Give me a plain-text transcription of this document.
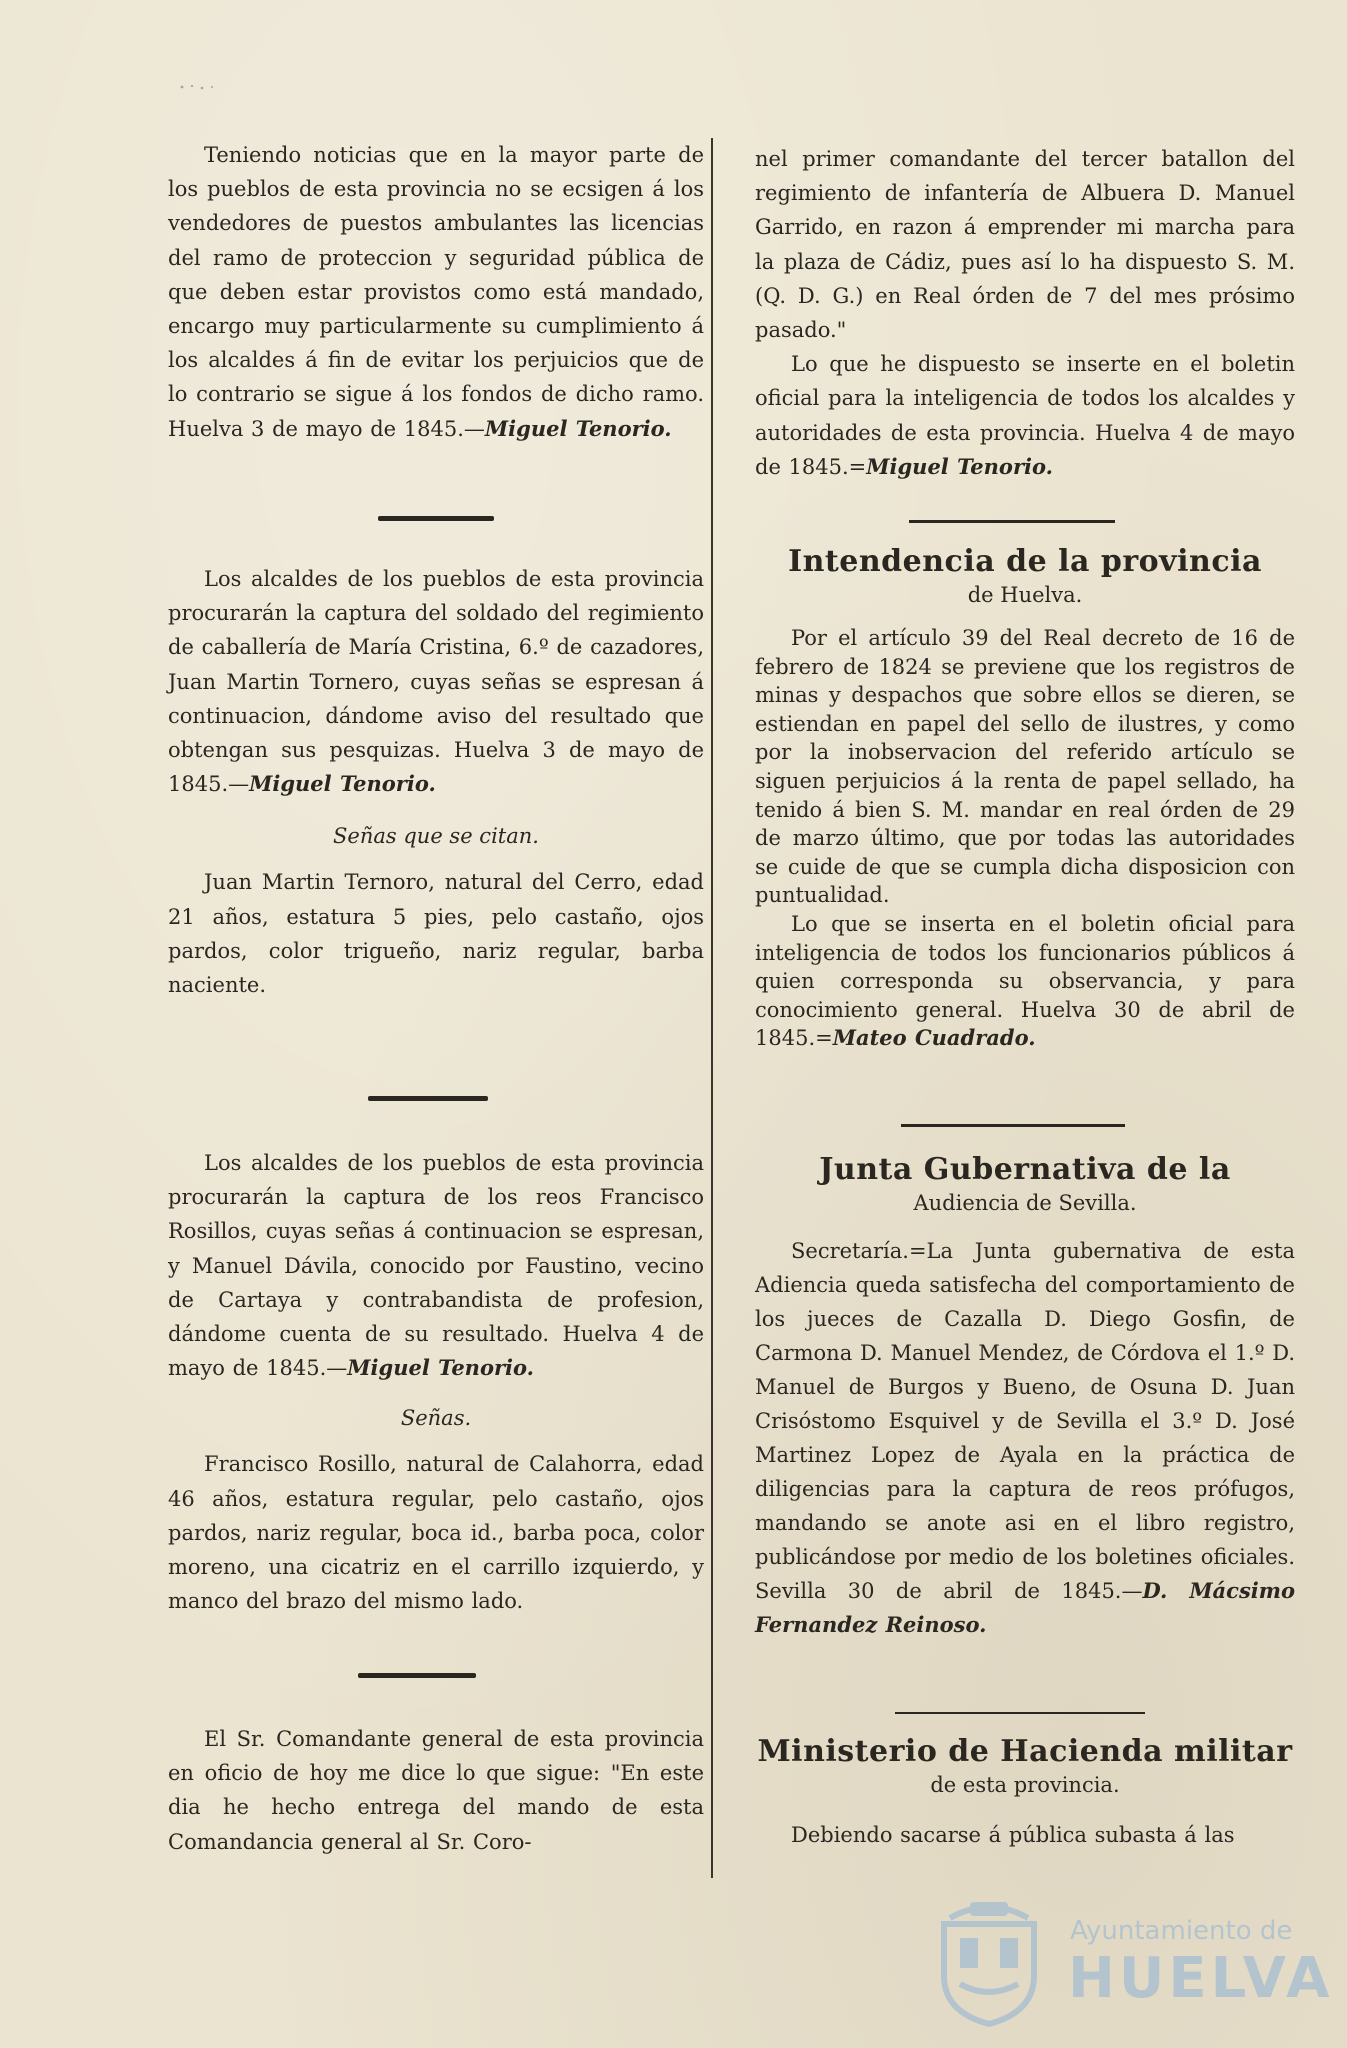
Teniendo noticias que en la mayor parte de los pueblos de esta provincia no se ecsigen á los vendedores de puestos ambulantes las licencias del ramo de proteccion y seguridad pública de que deben estar provistos como está mandado, encargo muy particularmente su cumplimiento á los alcaldes á fin de evitar los perjuicios que de lo contrario se sigue á los fondos de dicho ramo. Huelva 3 de mayo de 1845.—Miguel Tenorio.

Los alcaldes de los pueblos de esta provincia procurarán la captura del soldado del regimiento de caballería de María Cristina, 6.º de cazadores, Juan Martin Tornero, cuyas señas se espresan á continuacion, dándome aviso del resultado que obtengan sus pesquizas. Huelva 3 de mayo de 1845.—Miguel Tenorio.

Señas que se citan.

Juan Martin Ternoro, natural del Cerro, edad 21 años, estatura 5 pies, pelo castaño, ojos pardos, color trigueño, nariz regular, barba naciente.

Los alcaldes de los pueblos de esta provincia procurarán la captura de los reos Francisco Rosillos, cuyas señas á continuacion se espresan, y Manuel Dávila, conocido por Faustino, vecino de Cartaya y contrabandista de profesion, dándome cuenta de su resultado. Huelva 4 de mayo de 1845.—Miguel Tenorio.

Señas.

Francisco Rosillo, natural de Calahorra, edad 46 años, estatura regular, pelo castaño, ojos pardos, nariz regular, boca id., barba poca, color moreno, una cicatriz en el carrillo izquierdo, y manco del brazo del mismo lado.

El Sr. Comandante general de esta provincia en oficio de hoy me dice lo que sigue: "En este dia he hecho entrega del mando de esta Comandancia general al Sr. Coro-

nel primer comandante del tercer batallon del regimiento de infantería de Albuera D. Manuel Garrido, en razon á emprender mi marcha para la plaza de Cádiz, pues así lo ha dispuesto S. M. (Q. D. G.) en Real órden de 7 del mes prósimo pasado."

Lo que he dispuesto se inserte en el boletin oficial para la inteligencia de todos los alcaldes y autoridades de esta provincia. Huelva 4 de mayo de 1845.=Miguel Tenorio.

Intendencia de la provincia

de Huelva.

Por el artículo 39 del Real decreto de 16 de febrero de 1824 se previene que los registros de minas y despachos que sobre ellos se dieren, se estiendan en papel del sello de ilustres, y como por la inobservacion del referido artículo se siguen perjuicios á la renta de papel sellado, ha tenido á bien S. M. mandar en real órden de 29 de marzo último, que por todas las autoridades se cuide de que se cumpla dicha disposicion con puntualidad.

Lo que se inserta en el boletin oficial para inteligencia de todos los funcionarios públicos á quien corresponda su observancia, y para conocimiento general. Huelva 30 de abril de 1845.=Mateo Cuadrado.

Junta Gubernativa de la

Audiencia de Sevilla.

Secretaría.=La Junta gubernativa de esta Adiencia queda satisfecha del comportamiento de los jueces de Cazalla D. Diego Gosfin, de Carmona D. Manuel Mendez, de Córdova el 1.º D. Manuel de Burgos y Bueno, de Osuna D. Juan Crisóstomo Esquivel y de Sevilla el 3.º D. José Martinez Lopez de Ayala en la práctica de diligencias para la captura de reos prófugos, mandando se anote asi en el libro registro, publicándose por medio de los boletines oficiales. Sevilla 30 de abril de 1845.—D. Mácsimo Fernandez Reinoso.

Ministerio de Hacienda militar

de esta provincia.

Debiendo sacarse á pública subasta á las

Ayuntamiento de
HUELVA
